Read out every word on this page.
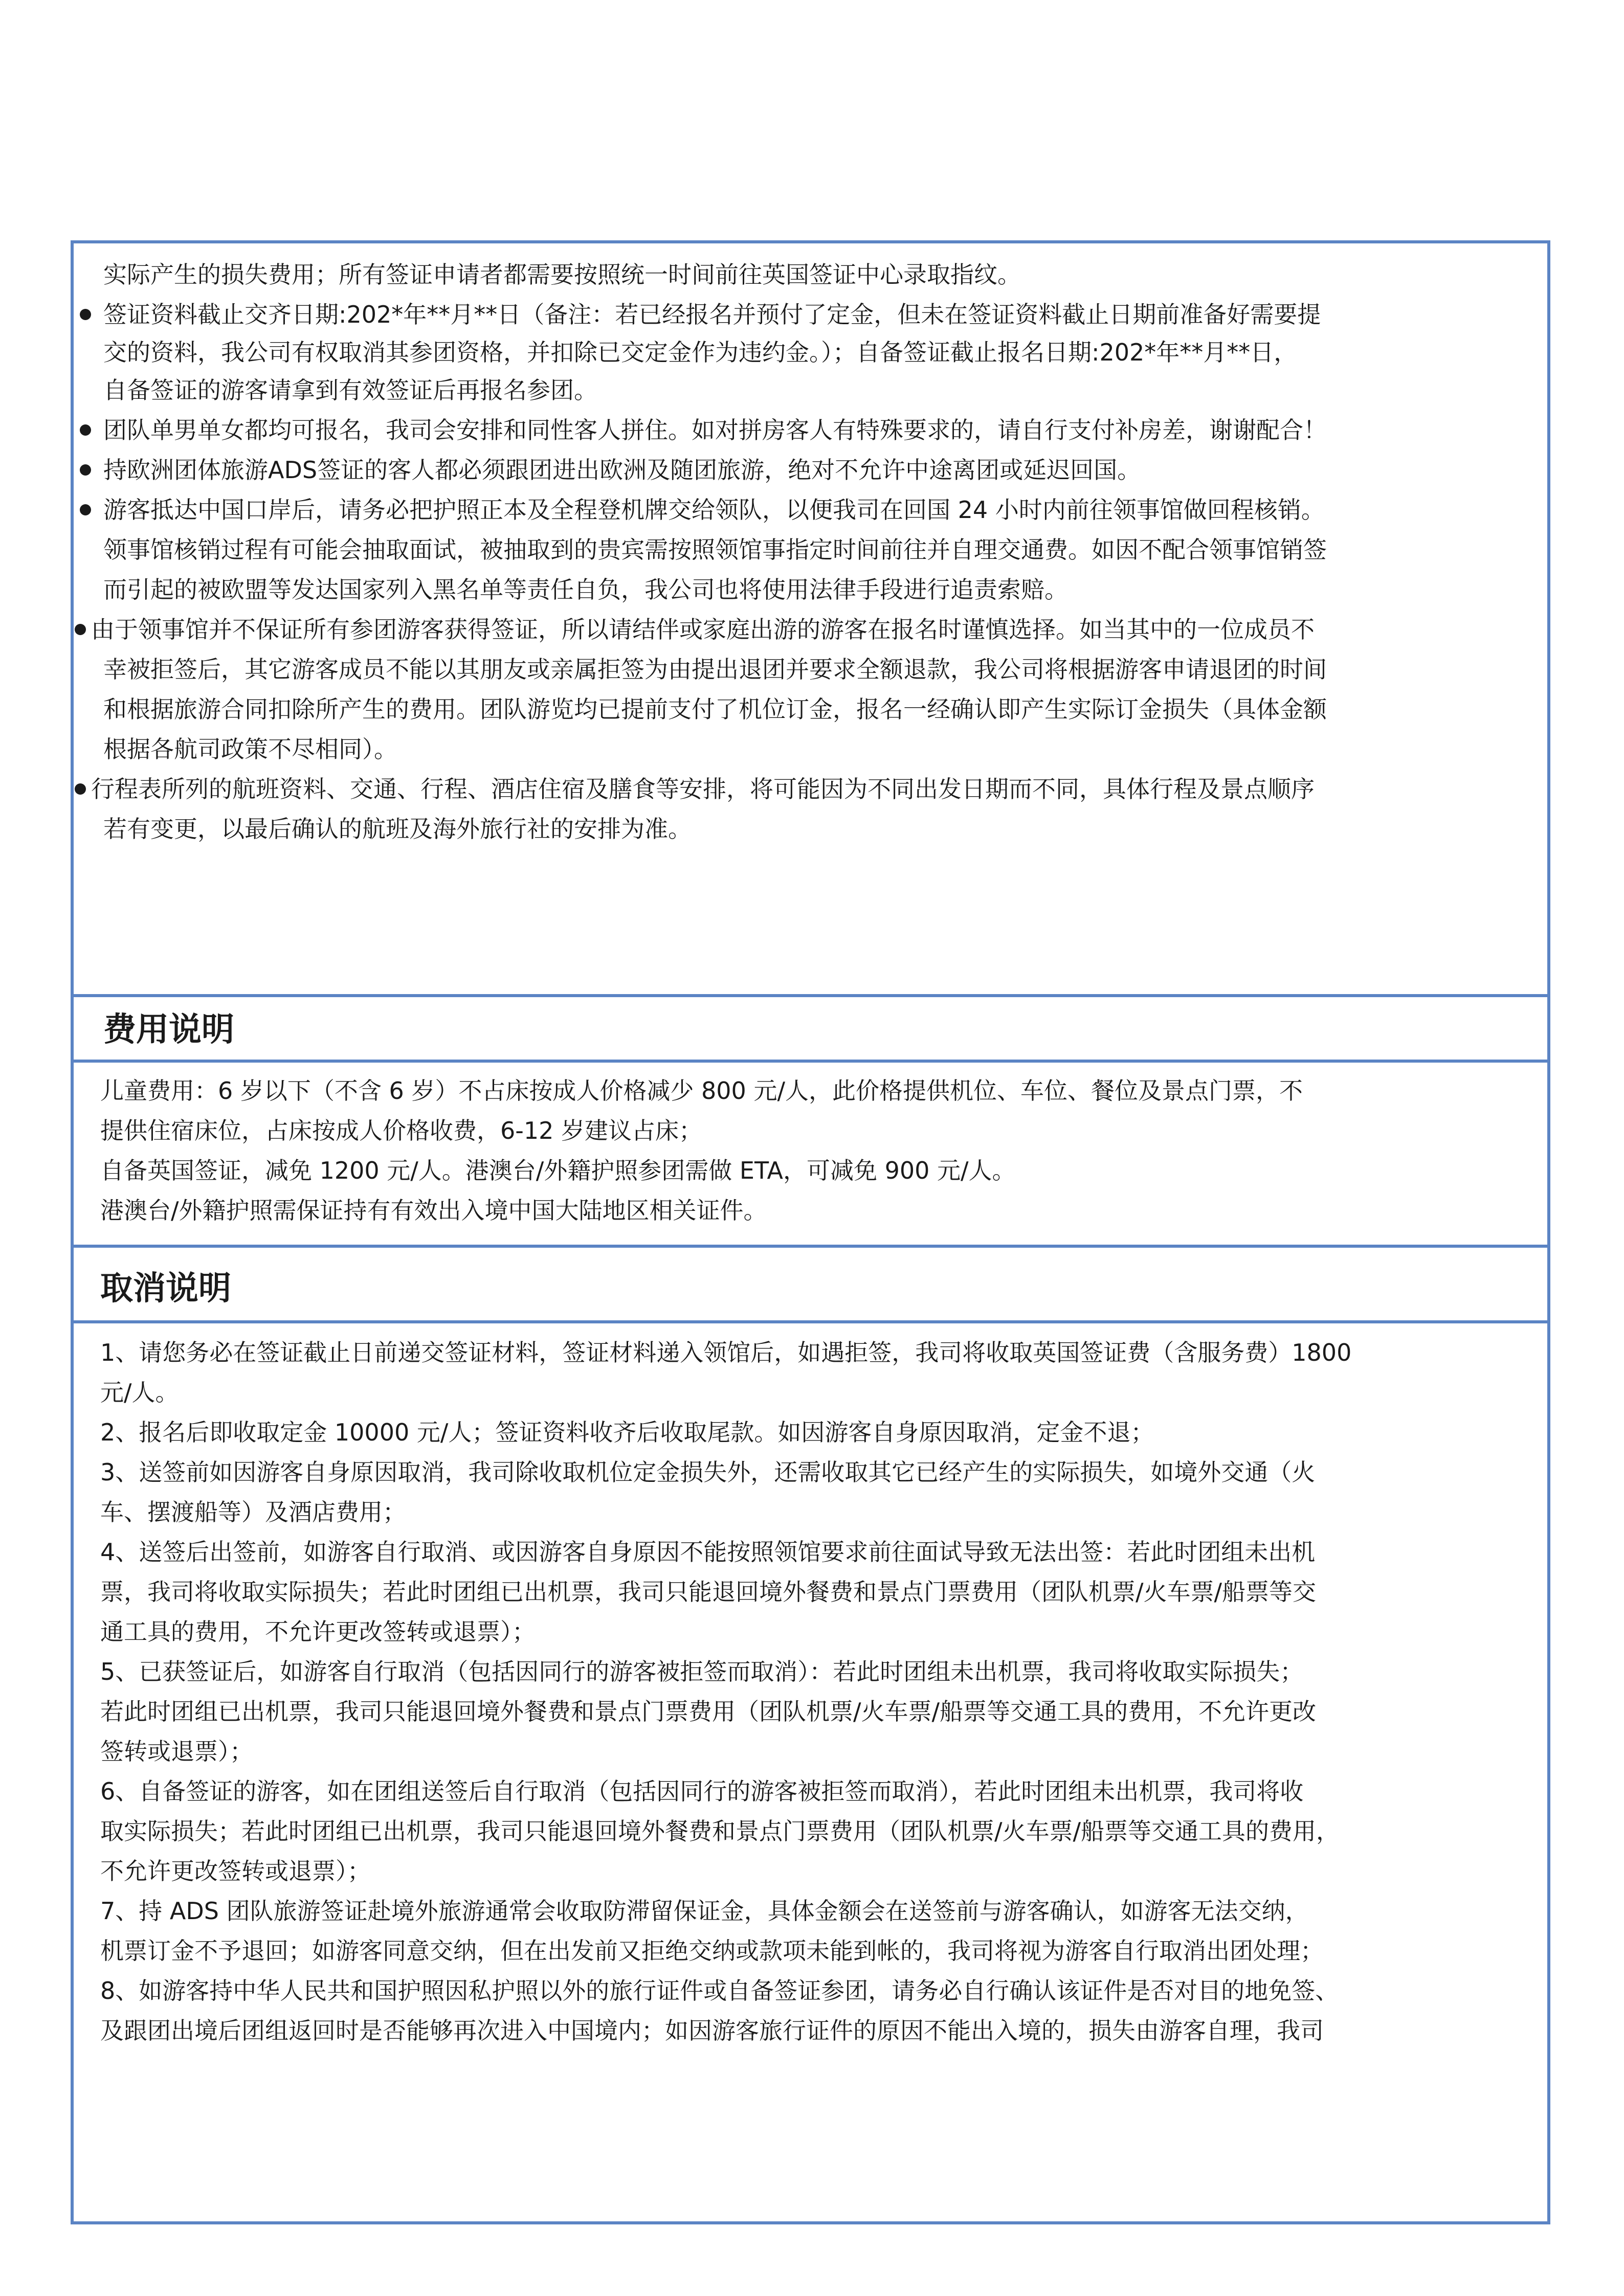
实际产生的损失费用；所有签证申请者都需要按照统一时间前往英国签证中心录取指纹。
签证资料截止交齐日期:202*年**月**日（备注：若已经报名并预付了定金，但未在签证资料截止日期前准备好需要提
交的资料，我公司有权取消其参团资格，并扣除已交定金作为违约金。）；自备签证截止报名日期:202*年**月**日，
自备签证的游客请拿到有效签证后再报名参团。
团队单男单女都均可报名，我司会安排和同性客人拼住。如对拼房客人有特殊要求的，请自行支付补房差，谢谢配合！
持欧洲团体旅游ADS签证的客人都必须跟团进出欧洲及随团旅游，绝对不允许中途离团或延迟回国。
游客抵达中国口岸后，请务必把护照正本及全程登机牌交给领队，以便我司在回国 24 小时内前往领事馆做回程核销。
领事馆核销过程有可能会抽取面试，被抽取到的贵宾需按照领馆事指定时间前往并自理交通费。如因不配合领事馆销签
而引起的被欧盟等发达国家列入黑名单等责任自负，我公司也将使用法律手段进行追责索赔。
由于领事馆并不保证所有参团游客获得签证，所以请结伴或家庭出游的游客在报名时谨慎选择。如当其中的一位成员不
幸被拒签后，其它游客成员不能以其朋友或亲属拒签为由提出退团并要求全额退款，我公司将根据游客申请退团的时间
和根据旅游合同扣除所产生的费用。团队游览均已提前支付了机位订金，报名一经确认即产生实际订金损失（具体金额
根据各航司政策不尽相同）。
行程表所列的航班资料、交通、行程、酒店住宿及膳食等安排，将可能因为不同出发日期而不同，具体行程及景点顺序
若有变更，以最后确认的航班及海外旅行社的安排为准。
费用说明
儿童费用：6 岁以下（不含 6 岁）不占床按成人价格减少 800 元/人，此价格提供机位、车位、餐位及景点门票，不
提供住宿床位，占床按成人价格收费，6-12 岁建议占床；
自备英国签证，减免 1200 元/人。港澳台/外籍护照参团需做 ETA，可减免 900 元/人。
港澳台/外籍护照需保证持有有效出入境中国大陆地区相关证件。
取消说明
1、请您务必在签证截止日前递交签证材料，签证材料递入领馆后，如遇拒签，我司将收取英国签证费（含服务费）1800
元/人。
2、报名后即收取定金 10000 元/人；签证资料收齐后收取尾款。如因游客自身原因取消，定金不退；
3、送签前如因游客自身原因取消，我司除收取机位定金损失外，还需收取其它已经产生的实际损失，如境外交通（火
车、摆渡船等）及酒店费用；
4、送签后出签前，如游客自行取消、或因游客自身原因不能按照领馆要求前往面试导致无法出签：若此时团组未出机
票，我司将收取实际损失；若此时团组已出机票，我司只能退回境外餐费和景点门票费用（团队机票/火车票/船票等交
通工具的费用，不允许更改签转或退票）；
5、已获签证后，如游客自行取消（包括因同行的游客被拒签而取消）：若此时团组未出机票，我司将收取实际损失；
若此时团组已出机票，我司只能退回境外餐费和景点门票费用（团队机票/火车票/船票等交通工具的费用，不允许更改
签转或退票）；
6、自备签证的游客，如在团组送签后自行取消（包括因同行的游客被拒签而取消），若此时团组未出机票，我司将收
取实际损失；若此时团组已出机票，我司只能退回境外餐费和景点门票费用（团队机票/火车票/船票等交通工具的费用，
不允许更改签转或退票）；
7、持 ADS 团队旅游签证赴境外旅游通常会收取防滞留保证金，具体金额会在送签前与游客确认，如游客无法交纳，
机票订金不予退回；如游客同意交纳，但在出发前又拒绝交纳或款项未能到帐的，我司将视为游客自行取消出团处理；
8、如游客持中华人民共和国护照因私护照以外的旅行证件或自备签证参团，请务必自行确认该证件是否对目的地免签、
及跟团出境后团组返回时是否能够再次进入中国境内；如因游客旅行证件的原因不能出入境的，损失由游客自理，我司
